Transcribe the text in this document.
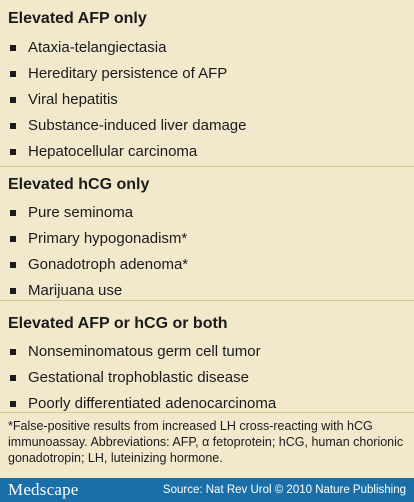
Elevated AFP only
Ataxia-telangiectasia
Hereditary persistence of AFP
Viral hepatitis
Substance-induced liver damage
Hepatocellular carcinoma
Elevated hCG only
Pure seminoma
Primary hypogonadism*
Gonadotroph adenoma*
Marijuana use
Elevated AFP or hCG or both
Nonseminomatous germ cell tumor
Gestational trophoblastic disease
Poorly differentiated adenocarcinoma

*False-positive results from increased LH cross-reacting with hCG immunoassay. Abbreviations: AFP, α fetoprotein; hCG, human chorionic gonadotropin; LH, luteinizing hormone.

Medscape	Source: Nat Rev Urol © 2010 Nature Publishing
